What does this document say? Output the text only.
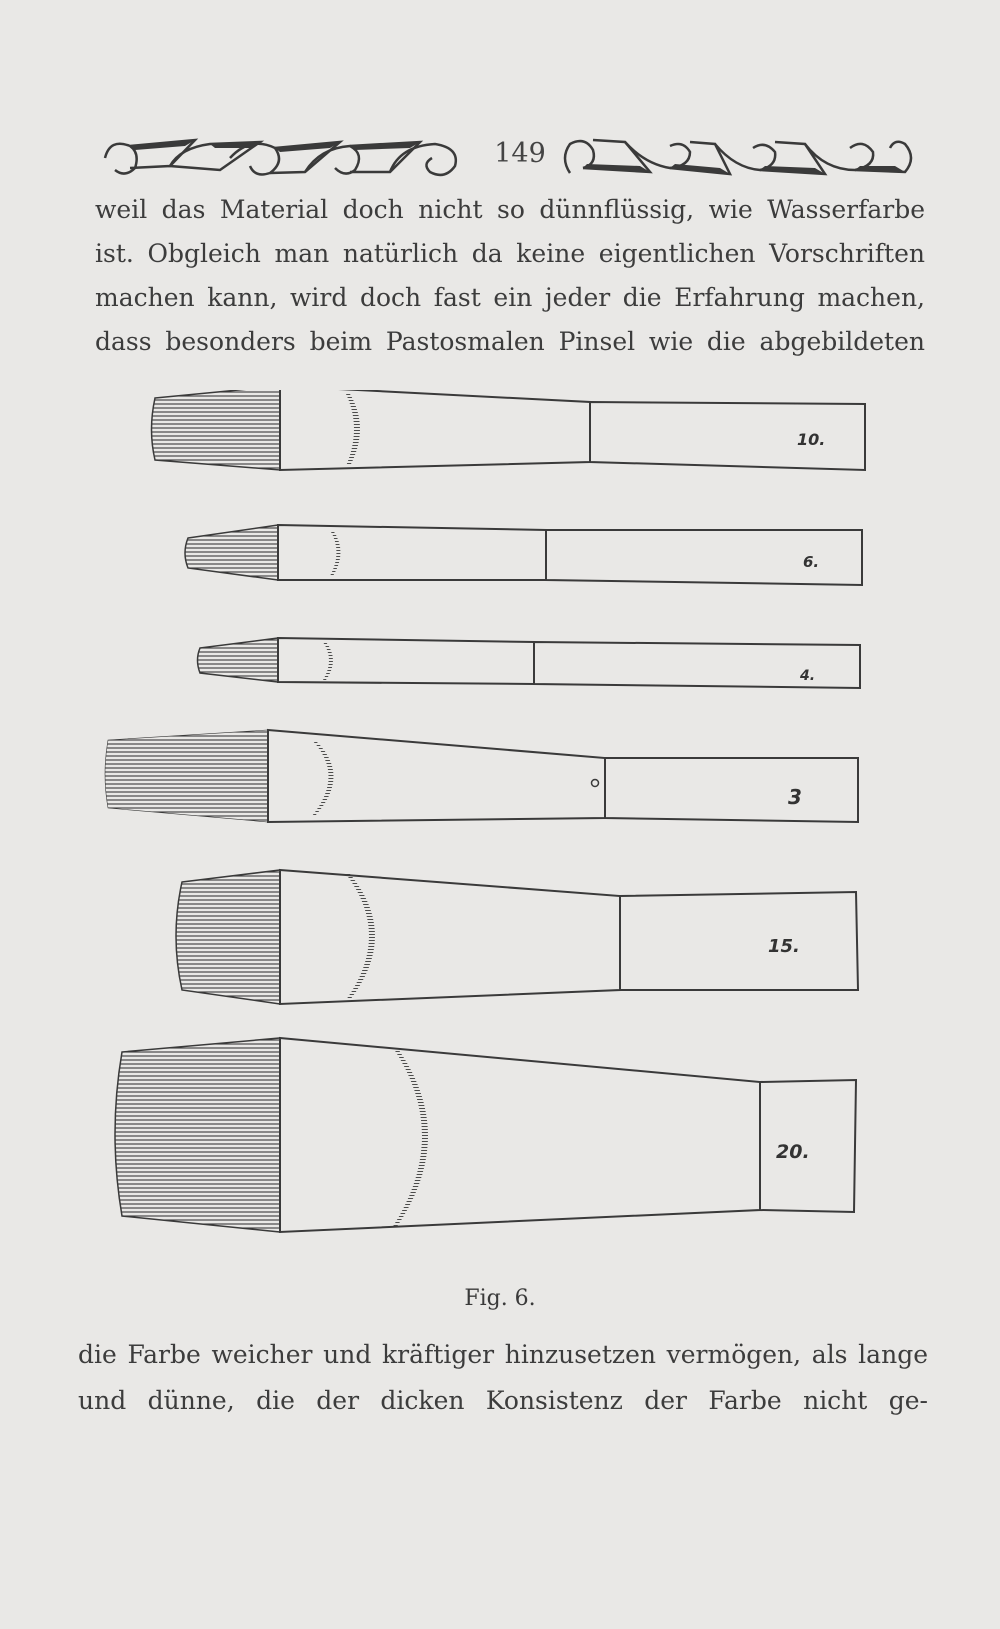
149
weil das Material doch nicht so dünnflüssig, wie Wasserfarbe
ist. Obgleich man natürlich da keine eigentlichen Vorschriften
machen kann, wird doch fast ein jeder die Erfahrung machen,
dass besonders beim Pastosmalen Pinsel wie die abgebildeten
10.
6.
4.
3
15.
20.
Fig. 6.
die Farbe weicher und kräftiger hinzusetzen vermögen, als lange
und dünne, die der dicken Konsistenz der Farbe nicht ge-
